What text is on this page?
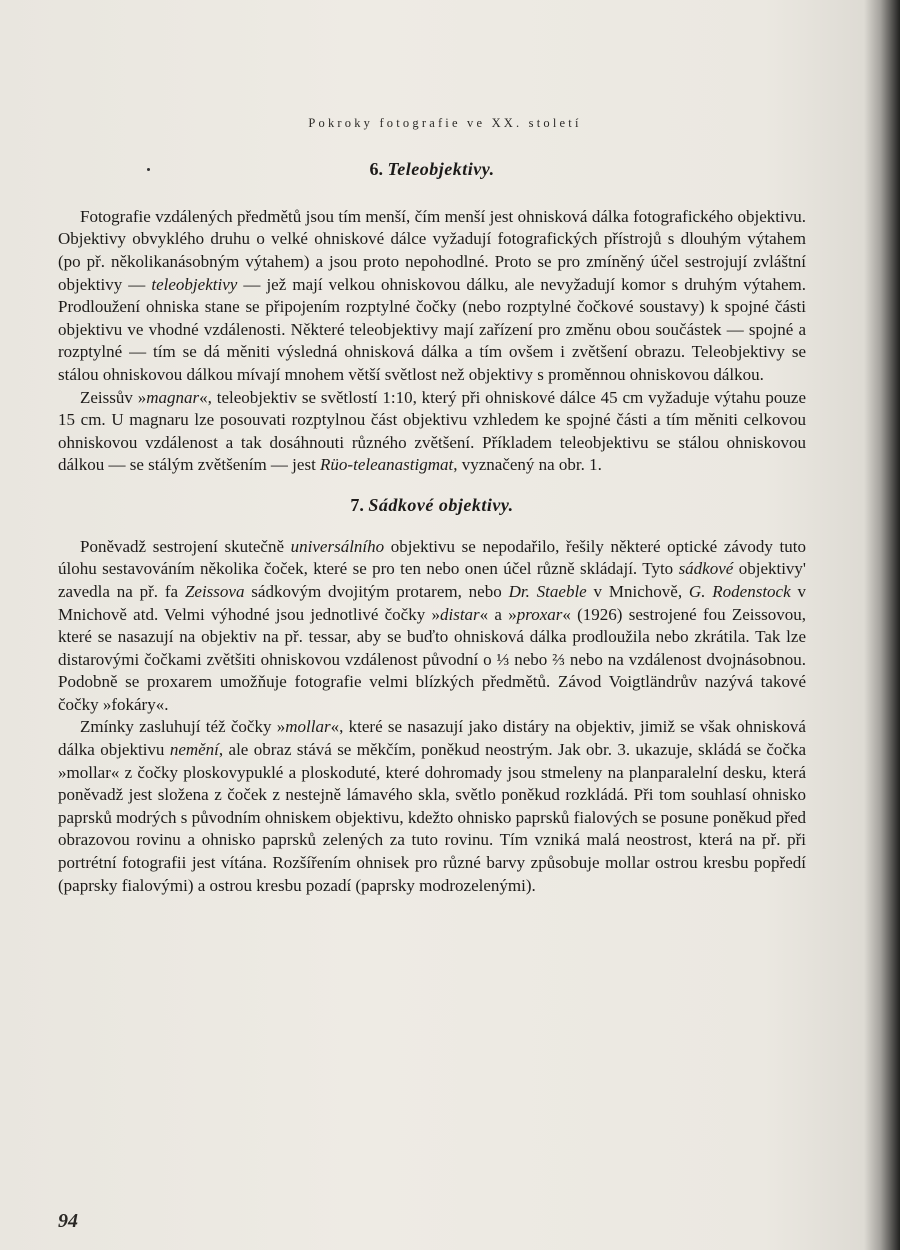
Pokroky fotografie ve XX. století
6. Teleobjektivy.

Fotografie vzdálených předmětů jsou tím menší, čím menší jest ohnisková dálka fotografického objektivu. Objektivy obvyklého druhu o velké ohniskové dálce vyžadují fotografických přístrojů s dlouhým výtahem (po př. několikanásobným výtahem) a jsou proto nepohodlné. Proto se pro zmíněný účel sestrojují zvláštní objektivy — teleobjektivy — jež mají velkou ohniskovou dálku, ale nevyžadují komor s druhým výtahem. Prodloužení ohniska stane se připojením rozptylné čočky (nebo rozptylné čočkové soustavy) k spojné části objektivu ve vhodné vzdálenosti. Některé teleobjektivy mají zařízení pro změnu obou součástek — spojné a rozptylné — tím se dá měniti výsledná ohnisková dálka a tím ovšem i zvětšení obrazu. Teleobjektivy se stálou ohniskovou dálkou mívají mnohem větší světlost než objektivy s proměnnou ohniskovou dálkou.

Zeissův »magnar«, teleobjektiv se světlostí 1:10, který při ohniskové dálce 45 cm vyžaduje výtahu pouze 15 cm. U magnaru lze posouvati rozptylnou část objektivu vzhledem ke spojné části a tím měniti celkovou ohniskovou vzdálenost a tak dosáhnouti různého zvětšení. Příkladem teleobjektivu se stálou ohniskovou dálkou — se stálým zvětšením — jest Rüo-teleanastigmat, vyznačený na obr. 1.

7. Sádkové objektivy.

Poněvadž sestrojení skutečně universálního objektivu se nepodařilo, řešily některé optické závody tuto úlohu sestavováním několika čoček, které se pro ten nebo onen účel různě skládají. Tyto sádkové objektivy' zavedla na př. fa Zeissova sádkovým dvojitým protarem, nebo Dr. Staeble v Mnichově, G. Rodenstock v Mnichově atd. Velmi výhodné jsou jednotlivé čočky »distar« a »proxar« (1926) sestrojené fou Zeissovou, které se nasazují na objektiv na př. tessar, aby se buďto ohnisková dálka prodloužila nebo zkrátila. Tak lze distarovými čočkami zvětšiti ohniskovou vzdálenost původní o ⅓ nebo ⅔ nebo na vzdálenost dvojnásobnou. Podobně se proxarem umožňuje fotografie velmi blízkých předmětů. Závod Voigtländrův nazývá takové čočky »fokáry«.

Zmínky zasluhují též čočky »mollar«, které se nasazují jako distáry na objektiv, jimiž se však ohnisková dálka objektivu nemění, ale obraz stává se měkčím, poněkud neostrým. Jak obr. 3. ukazuje, skládá se čočka »mollar« z čočky ploskovypuklé a ploskoduté, které dohromady jsou stmeleny na planparalelní desku, která poněvadž jest složena z čoček z nestejně lámavého skla, světlo poněkud rozkládá. Při tom souhlasí ohnisko paprsků modrých s původním ohniskem objektivu, kdežto ohnisko paprsků fialových se posune poněkud před obrazovou rovinu a ohnisko paprsků zelených za tuto rovinu. Tím vzniká malá neostrost, která na př. při portrétní fotografii jest vítána. Rozšířením ohnisek pro různé barvy způsobuje mollar ostrou kresbu popředí (paprsky fialovými) a ostrou kresbu pozadí (paprsky modrozelenými).

94
